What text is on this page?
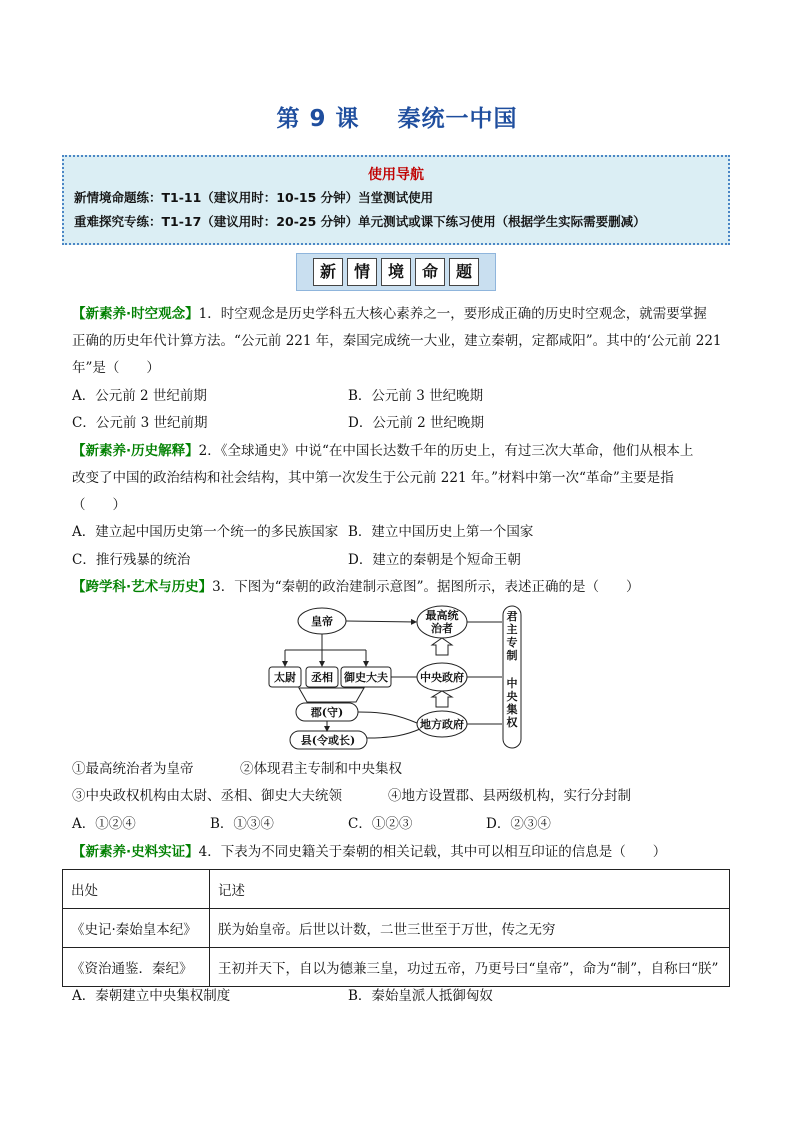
第 9 课 秦统一中国
使用导航
新情境命题练：T1-11（建议用时：10-15 分钟）当堂测试使用
重难探究专练：T1-17（建议用时：20-25 分钟）单元测试或课下练习使用（根据学生实际需要删减）
新	情	境	命	题
【新素养·时空观念】1．时空观念是历史学科五大核心素养之一，要形成正确的历史时空观念，就需要掌握
正确的历史年代计算方法。“公元前 221 年，秦国完成统一大业，建立秦朝，定都咸阳”。其中的‘公元前 221
年”是（　　）
A．公元前 2 世纪前期	B．公元前 3 世纪晚期
C．公元前 3 世纪前期	D．公元前 2 世纪晚期
【新素养·历史解释】2．《全球通史》中说“在中国长达数千年的历史上，有过三次大革命，他们从根本上
改变了中国的政治结构和社会结构，其中第一次发生于公元前 221 年。”材料中第一次“革命”主要是指
（　　）
A．建立起中国历史第一个统一的多民族国家 B．建立中国历史上第一个国家
C．推行残暴的统治	D．建立的秦朝是个短命王朝
【跨学科·艺术与历史】3．下图为“秦朝的政治建制示意图”。据图所示，表述正确的是（　　）
皇帝	最高统
治者
太尉 丞相 御史大夫	中央政府
郡(守)
地方政府
县(令或长)
君
主
专
制
中
央
集
权
①最高统治者为皇帝	②体现君主专制和中央集权
③中央政权机构由太尉、丞相、御史大夫统领	④地方设置郡、县两级机构，实行分封制
A．①②④	B．①③④	C．①②③	D．②③④
【新素养·史料实证】4．下表为不同史籍关于秦朝的相关记载，其中可以相互印证的信息是（　　）
出处	记述
《史记·秦始皇本纪》	朕为始皇帝。后世以计数，二世三世至于万世，传之无穷
《资治通鉴．秦纪》	王初并天下，自以为德兼三皇，功过五帝，乃更号曰“皇帝”，命为“制”，自称曰“朕”
A．秦朝建立中央集权制度	B．秦始皇派人抵御匈奴
